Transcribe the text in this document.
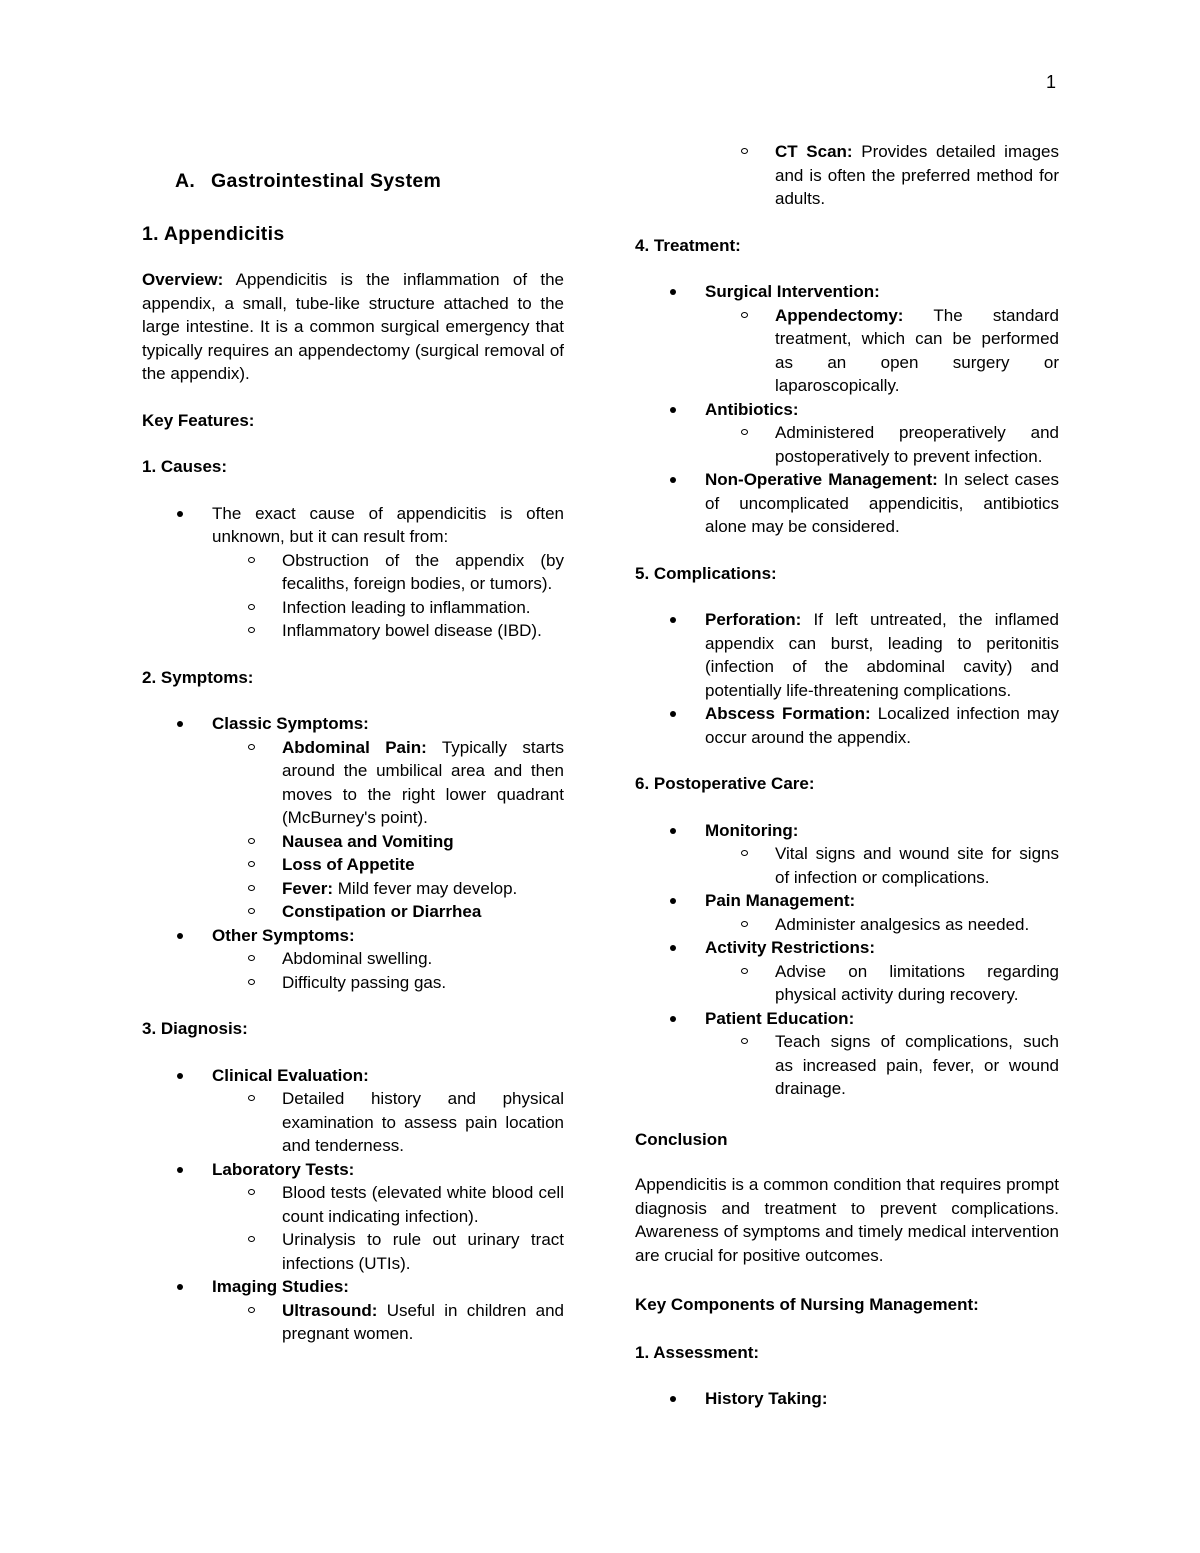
1
A. Gastrointestinal System
1. Appendicitis

Overview: Appendicitis is the inflammation of the appendix, a small, tube-like structure attached to the large intestine. It is a common surgical emergency that typically requires an appendectomy (surgical removal of the appendix).

Key Features:
1. Causes:
The exact cause of appendicitis is often unknown, but it can result from:
Obstruction of the appendix (by fecaliths, foreign bodies, or tumors).
Infection leading to inflammation.
Inflammatory bowel disease (IBD).
2. Symptoms:
Classic Symptoms:
Abdominal Pain: Typically starts around the umbilical area and then moves to the right lower quadrant (McBurney's point).
Nausea and Vomiting
Loss of Appetite
Fever: Mild fever may develop.
Constipation or Diarrhea
Other Symptoms:
Abdominal swelling.
Difficulty passing gas.
3. Diagnosis:
Clinical Evaluation:
Detailed history and physical examination to assess pain location and tenderness.
Laboratory Tests:
Blood tests (elevated white blood cell count indicating infection).
Urinalysis to rule out urinary tract infections (UTIs).
Imaging Studies:
Ultrasound: Useful in children and pregnant women.
CT Scan: Provides detailed images and is often the preferred method for adults.
4. Treatment:
Surgical Intervention:
Appendectomy: The standard treatment, which can be performed as an open surgery or laparoscopically.
Antibiotics:
Administered preoperatively and postoperatively to prevent infection.
Non-Operative Management: In select cases of uncomplicated appendicitis, antibiotics alone may be considered.
5. Complications:
Perforation: If left untreated, the inflamed appendix can burst, leading to peritonitis (infection of the abdominal cavity) and potentially life-threatening complications.
Abscess Formation: Localized infection may occur around the appendix.
6. Postoperative Care:
Monitoring:
Vital signs and wound site for signs of infection or complications.
Pain Management:
Administer analgesics as needed.
Activity Restrictions:
Advise on limitations regarding physical activity during recovery.
Patient Education:
Teach signs of complications, such as increased pain, fever, or wound drainage.
Conclusion

Appendicitis is a common condition that requires prompt diagnosis and treatment to prevent complications. Awareness of symptoms and timely medical intervention are crucial for positive outcomes.

Key Components of Nursing Management:
1. Assessment:
History Taking:
